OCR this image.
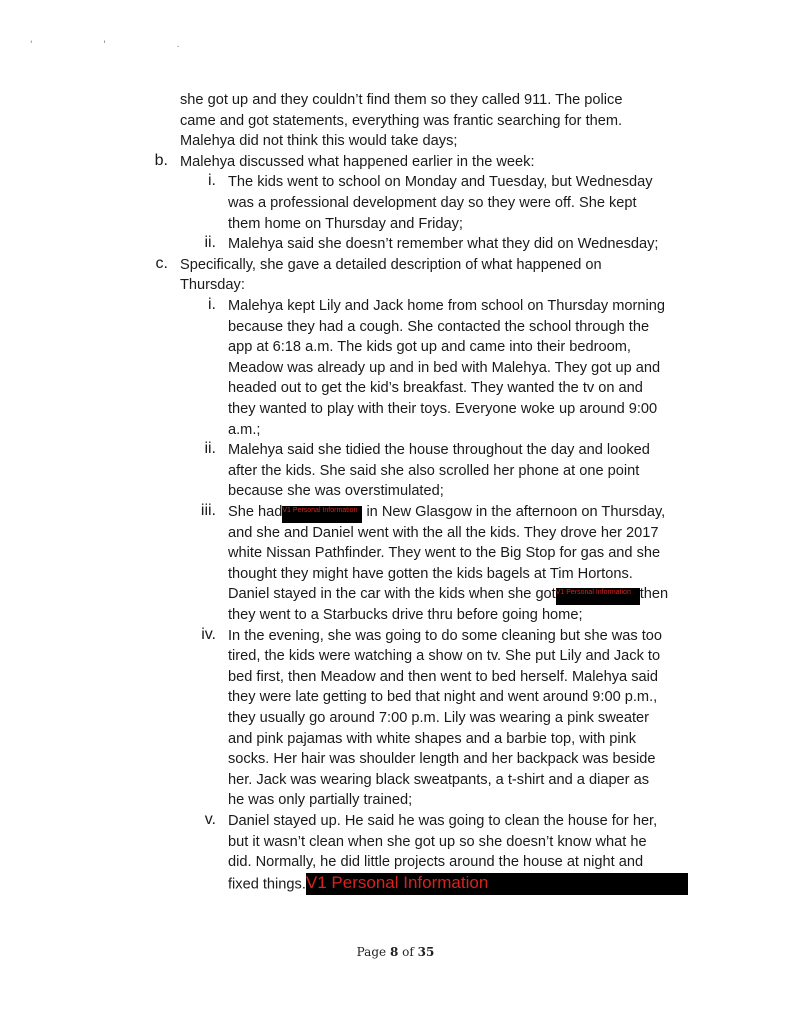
' ' .
she got up and they couldn’t find them so they called 911. The police
came and got statements, everything was frantic searching for them.
Malehya did not think this would take days;
b. Malehya discussed what happened earlier in the week:
i. The kids went to school on Monday and Tuesday, but Wednesday
was a professional development day so they were off. She kept
them home on Thursday and Friday;
ii. Malehya said she doesn’t remember what they did on Wednesday;
c. Specifically, she gave a detailed description of what happened on
Thursday:
i. Malehya kept Lily and Jack home from school on Thursday morning
because they had a cough. She contacted the school through the
app at 6:18 a.m. The kids got up and came into their bedroom,
Meadow was already up and in bed with Malehya. They got up and
headed out to get the kid’s breakfast. They wanted the tv on and
they wanted to play with their toys. Everyone woke up around 9:00
a.m.;
ii. Malehya said she tidied the house throughout the day and looked
after the kids. She said she also scrolled her phone at one point
because she was overstimulated;
iii. She hadV1 Personal Information in New Glasgow in the afternoon on Thursday,
and she and Daniel went with the all the kids. They drove her 2017
white Nissan Pathfinder. They went to the Big Stop for gas and she
thought they might have gotten the kids bagels at Tim Hortons.
Daniel stayed in the car with the kids when she gotV1 Personal Information then
they went to a Starbucks drive thru before going home;
iv. In the evening, she was going to do some cleaning but she was too
tired, the kids were watching a show on tv. She put Lily and Jack to
bed first, then Meadow and then went to bed herself. Malehya said
they were late getting to bed that night and went around 9:00 p.m.,
they usually go around 7:00 p.m. Lily was wearing a pink sweater
and pink pajamas with white shapes and a barbie top, with pink
socks. Her hair was shoulder length and her backpack was beside
her. Jack was wearing black sweatpants, a t-shirt and a diaper as
he was only partially trained;
v. Daniel stayed up. He said he was going to clean the house for her,
but it wasn’t clean when she got up so she doesn’t know what he
did. Normally, he did little projects around the house at night and
fixed things.V1 Personal Information
Page 8 of 35
